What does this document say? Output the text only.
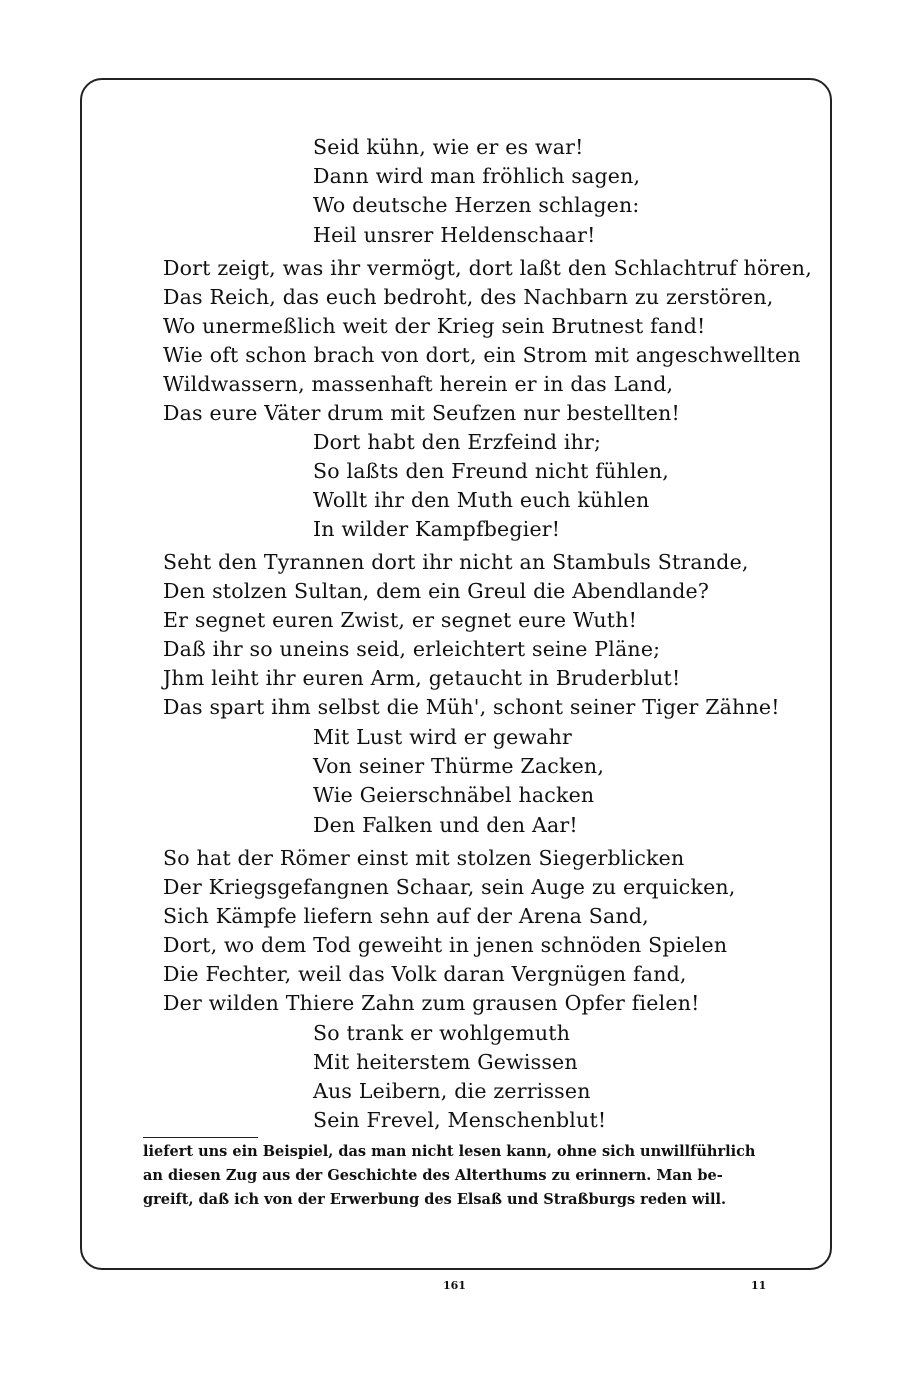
Seid kühn, wie er es war!
Dann wird man fröhlich sagen,
Wo deutsche Herzen schlagen:
Heil unsrer Heldenschaar!
Dort zeigt, was ihr vermögt, dort laßt den Schlachtruf hören,
Das Reich, das euch bedroht, des Nachbarn zu zerstören,
Wo unermeßlich weit der Krieg sein Brutnest fand!
Wie oft schon brach von dort, ein Strom mit angeschwellten
Wildwassern, massenhaft herein er in das Land,
Das eure Väter drum mit Seufzen nur bestellten!
Dort habt den Erzfeind ihr;
So laßts den Freund nicht fühlen,
Wollt ihr den Muth euch kühlen
In wilder Kampfbegier!
Seht den Tyrannen dort ihr nicht an Stambuls Strande,
Den stolzen Sultan, dem ein Greul die Abendlande?
Er segnet euren Zwist, er segnet eure Wuth!
Daß ihr so uneins seid, erleichtert seine Pläne;
Jhm leiht ihr euren Arm, getaucht in Bruderblut!
Das spart ihm selbst die Müh', schont seiner Tiger Zähne!
Mit Lust wird er gewahr
Von seiner Thürme Zacken,
Wie Geierschnäbel hacken
Den Falken und den Aar!
So hat der Römer einst mit stolzen Siegerblicken
Der Kriegsgefangnen Schaar, sein Auge zu erquicken,
Sich Kämpfe liefern sehn auf der Arena Sand,
Dort, wo dem Tod geweiht in jenen schnöden Spielen
Die Fechter, weil das Volk daran Vergnügen fand,
Der wilden Thiere Zahn zum grausen Opfer fielen!
So trank er wohlgemuth
Mit heiterstem Gewissen
Aus Leibern, die zerrissen
Sein Frevel, Menschenblut!
liefert uns ein Beispiel, das man nicht lesen kann, ohne sich unwillführlich
an diesen Zug aus der Geschichte des Alterthums zu erinnern. Man be-
greift, daß ich von der Erwerbung des Elsaß und Straßburgs reden will.
161	11
